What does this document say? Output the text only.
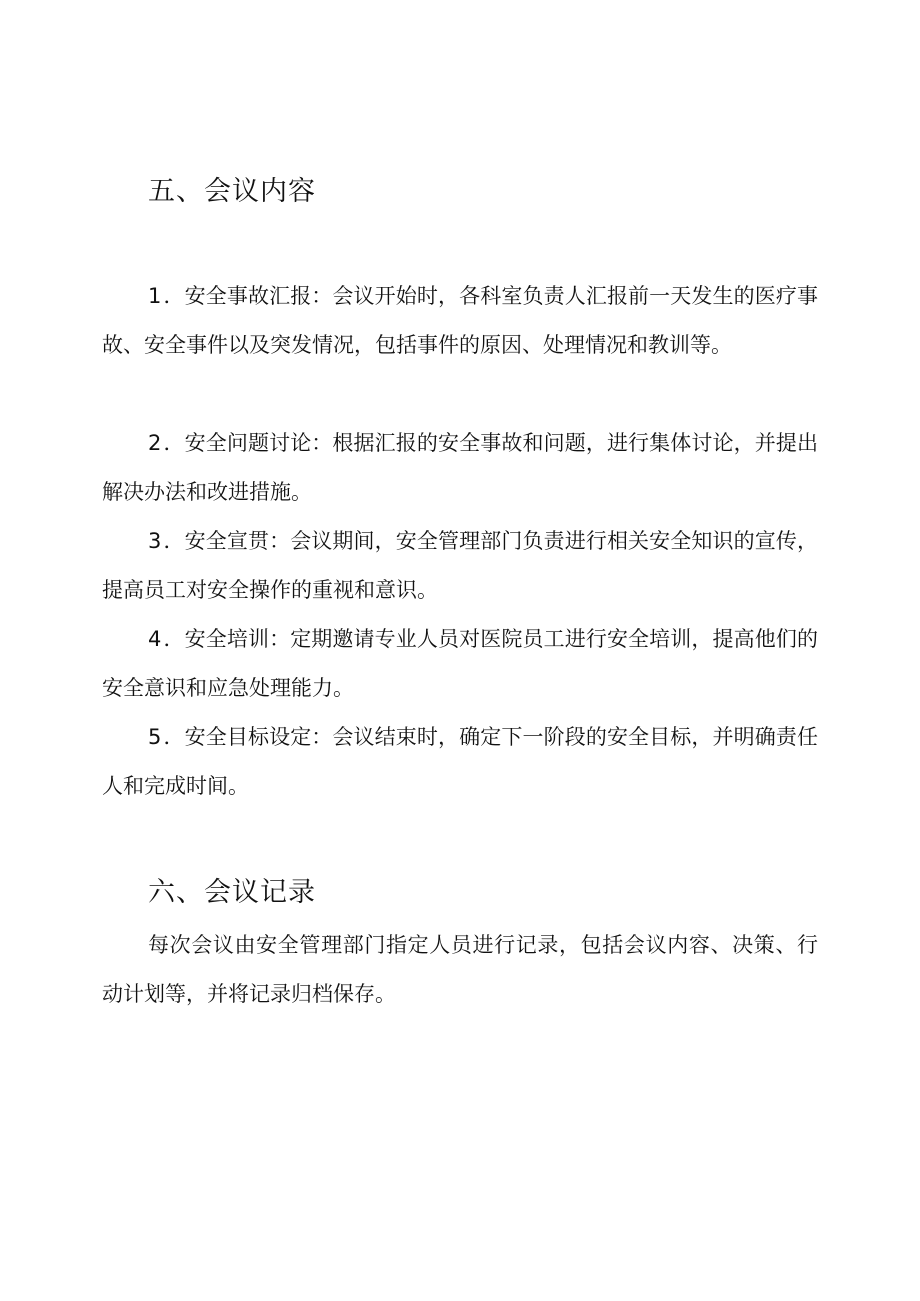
五、会议内容

1．安全事故汇报：会议开始时，各科室负责人汇报前一天发生的医疗事故、安全事件以及突发情况，包括事件的原因、处理情况和教训等。

2．安全问题讨论：根据汇报的安全事故和问题，进行集体讨论，并提出解决办法和改进措施。

3．安全宣贯：会议期间，安全管理部门负责进行相关安全知识的宣传，提高员工对安全操作的重视和意识。

4．安全培训：定期邀请专业人员对医院员工进行安全培训，提高他们的安全意识和应急处理能力。

5．安全目标设定：会议结束时，确定下一阶段的安全目标，并明确责任人和完成时间。

六、会议记录

每次会议由安全管理部门指定人员进行记录，包括会议内容、决策、行动计划等，并将记录归档保存。
